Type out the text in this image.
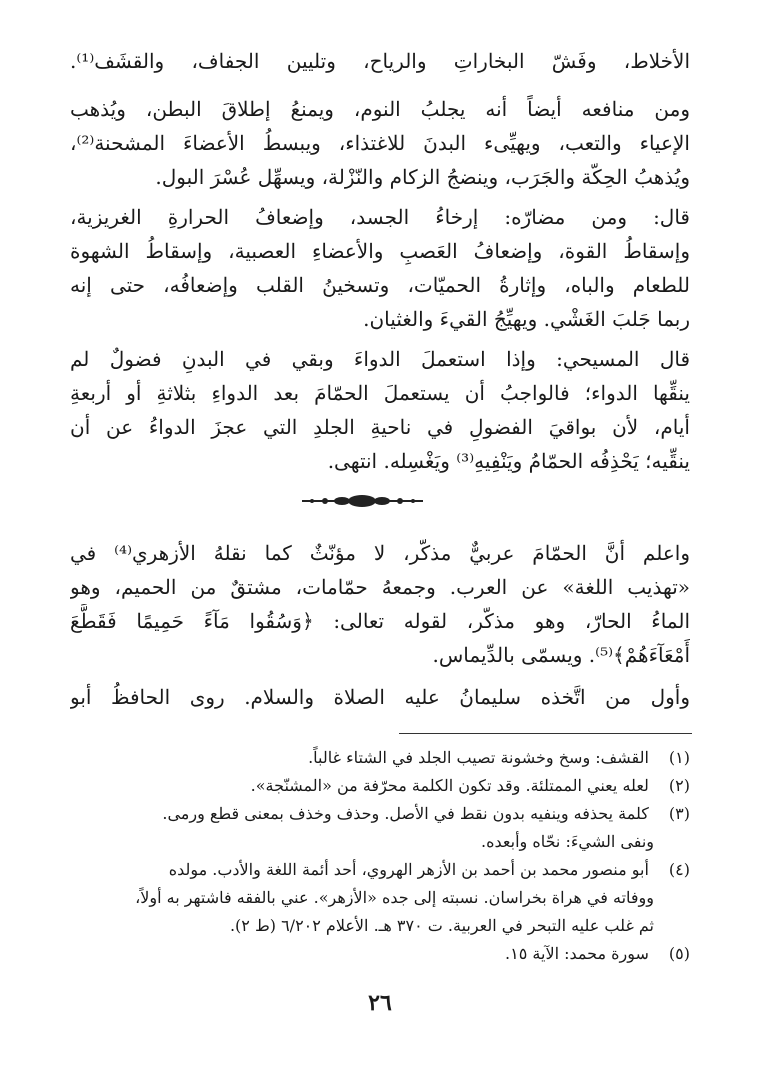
الأخلاط، وفَشّ البخاراتِ والرياح، وتليين الجفاف، والقشَف⁽¹⁾.
ومن منافعه أيضاً أنه يجلبُ النوم، ويمنعُ إطلاقَ البطن، ويُذهب
الإعياء والتعب، ويهيِّىء البدنَ للاغتذاء، ويبسطُ الأعضاءَ المشحنة⁽²⁾،
ويُذهبُ الحِكّة والجَرَب، وينضجُ الزكام والنّزْلة، ويسهِّل عُسْرَ البول.
قال: ومن مضارّه: إرخاءُ الجسد، وإضعافُ الحرارةِ الغريزية،
وإسقاطُ القوة، وإضعافُ العَصبِ والأعضاءِ العصبية، وإسقاطُ الشهوة
للطعام والباه، وإثارةُ الحميّات، وتسخينُ القلب وإضعافُه، حتى إنه
ربما جَلبَ الغَشْي. ويهيِّجُ القيءَ والغثيان.
قال المسيحي: وإذا استعملَ الدواءَ وبقي في البدنِ فضولٌ لم
ينقِّها الدواء؛ فالواجبُ أن يستعملَ الحمّامَ بعد الدواءِ بثلاثةِ أو أربعةِ
أيام، لأن بواقيَ الفضولِ في ناحيةِ الجلدِ التي عجزَ الدواءُ عن أن
ينقِّيه؛ يَحْذِفُه الحمّامُ ويَنْفِيهِ⁽³⁾ ويَغْسِله. انتهى.
واعلم أنَّ الحمّامَ عربيٌّ مذكّر، لا مؤنّثٌ كما نقلهُ الأزهري⁽⁴⁾ في
«تهذيب اللغة» عن العرب. وجمعهُ حمّامات، مشتقٌ من الحميم، وهو
الماءُ الحارّ، وهو مذكّر، لقوله تعالى: ﴿وَسُقُوا مَآءً حَمِيمًا فَقَطَّعَ
أَمْعَآءَهُمْ﴾⁽⁵⁾. ويسمّى بالدِّيماس.
وأول من اتَّخذه سليمانُ عليه الصلاة والسلام. روى الحافظُ أبو
(١) القشف: وسخ وخشونة تصيب الجلد في الشتاء غالباً.
(٢) لعله يعني الممتلئة. وقد تكون الكلمة محرّفة من «المشنّجة».
(٣) كلمة يحذفه وينفيه بدون نقط في الأصل. وحذف وخذف بمعنى قطع ورمى.
ونفى الشيءَ: نحّاه وأبعده.
(٤) أبو منصور محمد بن أحمد بن الأزهر الهروي، أحد أئمة اللغة والأدب. مولده
ووفاته في هراة بخراسان. نسبته إلى جده «الأزهر». عني بالفقه فاشتهر به أولاً،
ثم غلب عليه التبحر في العربية. ت ٣٧٠ هـ. الأعلام ٦/٢٠٢ (ط ٢).
(٥) سورة محمد: الآية ١٥.
٢٦
